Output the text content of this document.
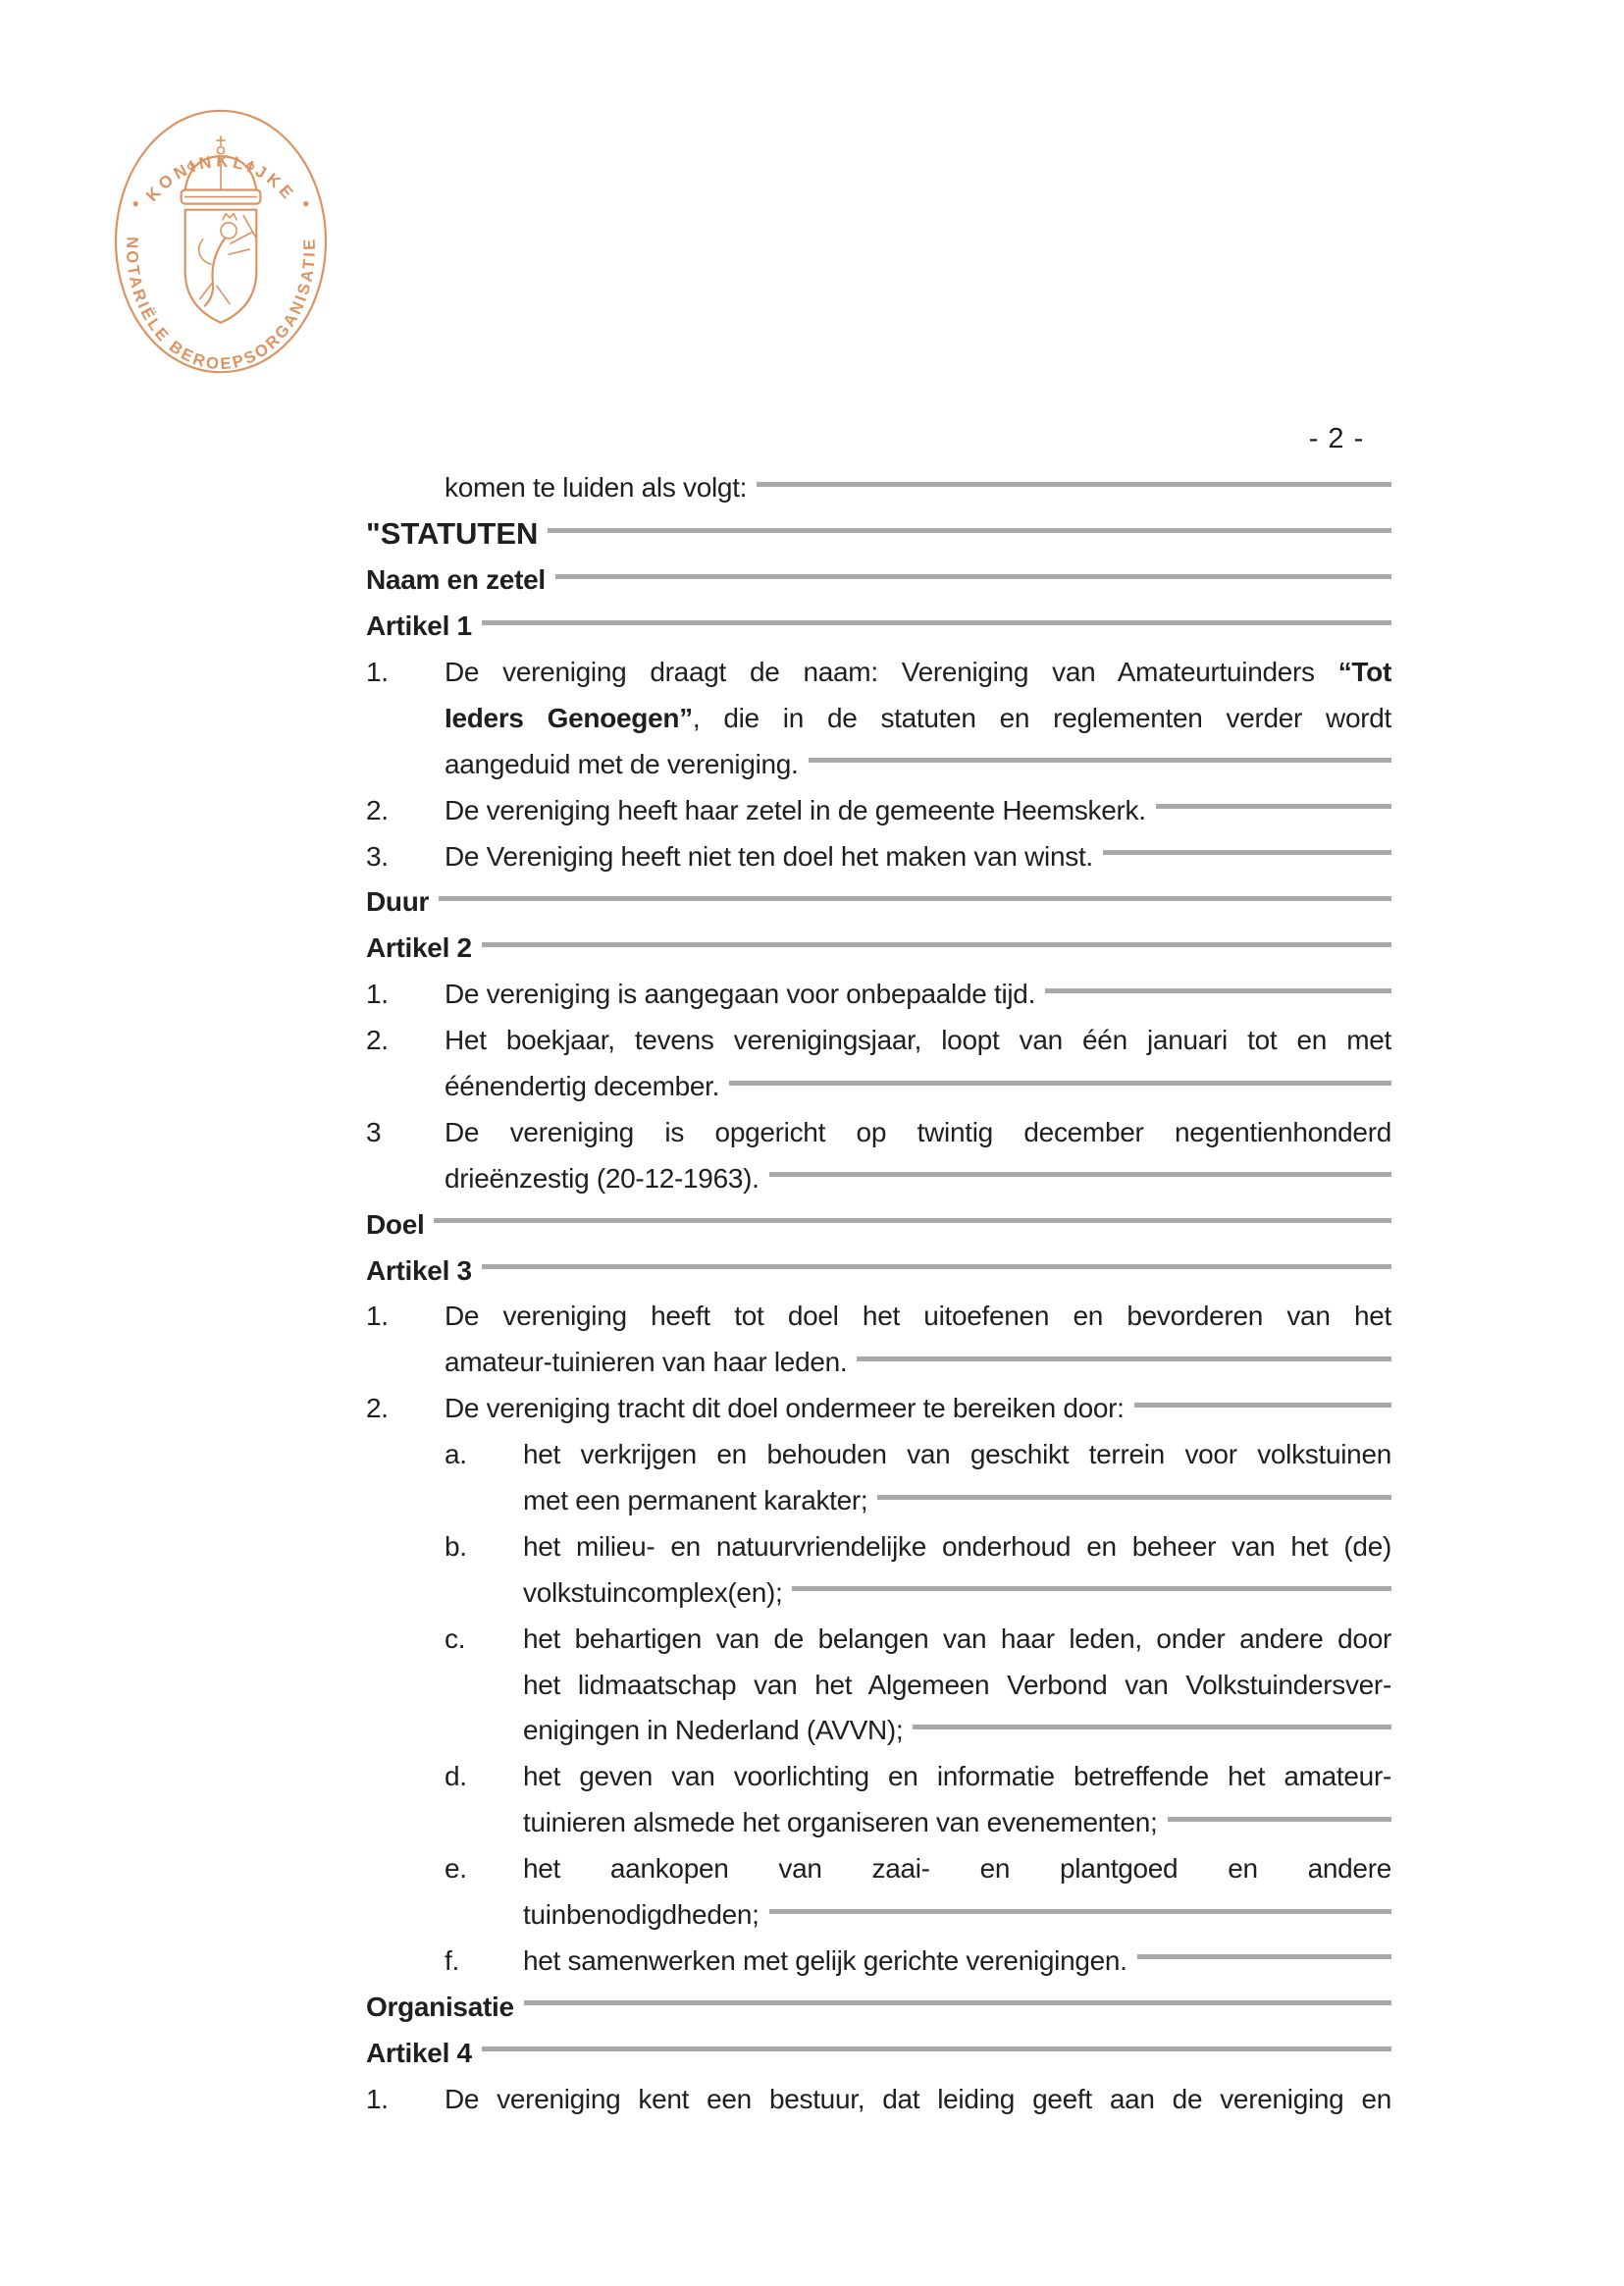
KONINKLIJKE
NOTARIËLE BEROEPSORGANISATIE
- 2 -
komen te luiden als volgt:
"STATUTEN
Naam en zetel
Artikel 1
1.	De vereniging draagt de naam: Vereniging van Amateurtuinders “Tot
Ieders Genoegen”, die in de statuten en reglementen verder wordt
aangeduid met de vereniging.
2.	De vereniging heeft haar zetel in de gemeente Heemskerk.
3.	De Vereniging heeft niet ten doel het maken van winst.
Duur
Artikel 2
1.	De vereniging is aangegaan voor onbepaalde tijd.
2.	Het boekjaar, tevens verenigingsjaar, loopt van één januari tot en met
éénendertig december.
3	De vereniging is opgericht op twintig december negentienhonderd
drieënzestig (20-12-1963).
Doel
Artikel 3
1.	De vereniging heeft tot doel het uitoefenen en bevorderen van het
amateur-tuinieren van haar leden.
2.	De vereniging tracht dit doel ondermeer te bereiken door:
a.	het verkrijgen en behouden van geschikt terrein voor volkstuinen
met een permanent karakter;
b.	het milieu- en natuurvriendelijke onderhoud en beheer van het (de)
volkstuincomplex(en);
c.	het behartigen van de belangen van haar leden, onder andere door
het lidmaatschap van het Algemeen Verbond van Volkstuindersver-
enigingen in Nederland (AVVN);
d.	het geven van voorlichting en informatie betreffende het amateur-
tuinieren alsmede het organiseren van evenementen;
e.	het aankopen van zaai- en plantgoed en andere
tuinbenodigdheden;
f.	het samenwerken met gelijk gerichte verenigingen.
Organisatie
Artikel 4
1.	De vereniging kent een bestuur, dat leiding geeft aan de vereniging en
